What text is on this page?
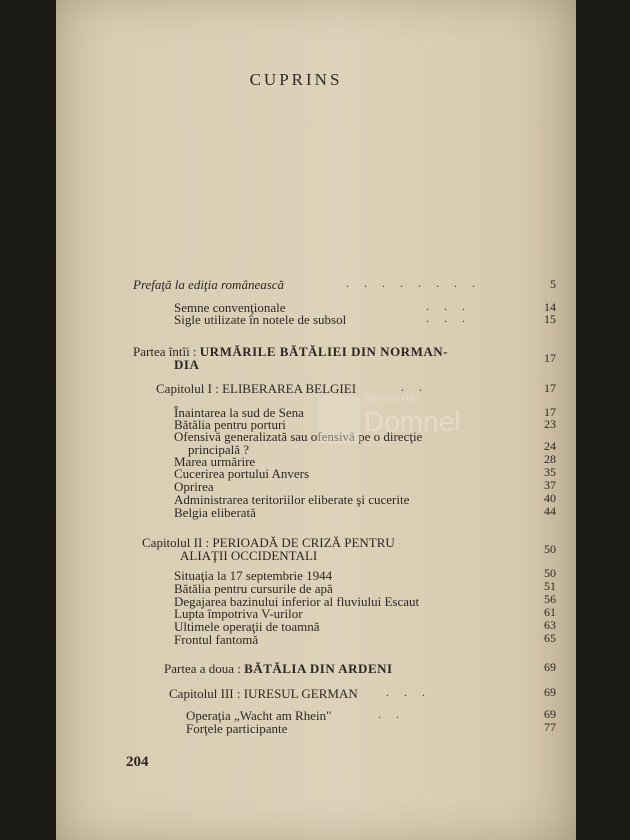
CUPRINS
Prefaţă la ediţia românească	. . . . . . . .	5
Semne convenţionale	. . .	14
Sigle utilizate în notele de subsol	. . .	15
Partea întîi : URMĂRILE BĂTĂLIEI DIN NORMAN-
DIA	17
Capitolul I : ELIBERAREA BELGIEI	. .	17
Înaintarea la sud de Sena	17
Bătălia pentru porturi	23
Ofensivă generalizată sau ofensivă pe o direcţie
principală ?	24
Marea urmărire	28
Cucerirea portului Anvers	35
Oprirea	37
Administrarea teritoriilor eliberate şi cucerite	40
Belgia eliberată	44
Capitolul II : PERIOADĂ DE CRIZĂ PENTRU
ALIAŢII OCCIDENTALI	50
Situaţia la 17 septembrie 1944	50
Bătălia pentru cursurile de apă	51
Degajarea bazinului inferior al fluviului Escaut	56
Lupta împotriva V-urilor	61
Ultimele operaţii de toamnă	63
Frontul fantomă	65
Partea a doua : BĂTĂLIA DIN ARDENI	69
Capitolul III : IURESUL GERMAN . . .	69
Operaţia „Wacht am Rhein"	. .	69
Forţele participante	77
204
anticariat
Domnel
